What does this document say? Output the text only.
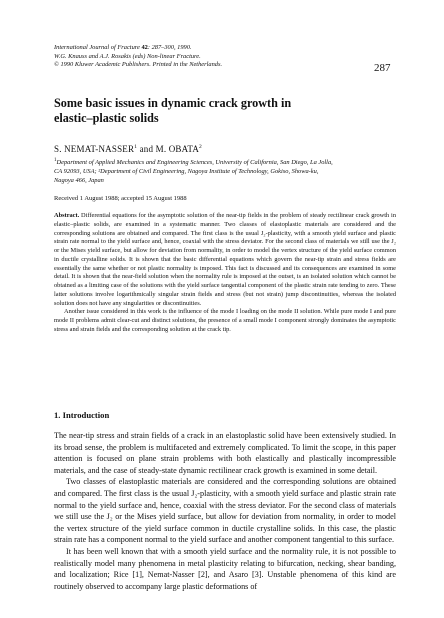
International Journal of Fracture 42: 287–300, 1990.
W.G. Knauss and A.J. Rosakis (eds) Non-linear Fracture.
© 1990 Kluwer Academic Publishers. Printed in the Netherlands.	287
Some basic issues in dynamic crack growth in
elastic–plastic solids
S. NEMAT-NASSER$^1$ and M. OBATA$^2$
$^1$Department of Applied Mechanics and Engineering Sciences, University of California, San Diego, La Jolla,
CA 92093, USA; ²Department of Civil Engineering, Nagoya Institute of Technology, Gokiso, Showa-ku,
Nagoya 466, Japan
Received 1 August 1988; accepted 15 August 1988

Abstract. Differential equations for the asymptotic solution of the near-tip fields in the problem of steady rectilinear crack growth in elastic–plastic solids, are examined in a systematic manner. Two classes of elastoplastic materials are considered and the corresponding solutions are obtained and compared. The first class is the usual J₂-plasticity, with a smooth yield surface and plastic strain rate normal to the yield surface and, hence, coaxial with the stress deviator. For the second class of materials we still use the J₂ or the Mises yield surface, but allow for deviation from normality, in order to model the vertex structure of the yield surface common in ductile crystalline solids. It is shown that the basic differential equations which govern the near-tip strain and stress fields are essentially the same whether or not plastic normality is imposed. This fact is discussed and its consequences are examined in some detail. It is shown that the near-field solution when the normality rule is imposed at the outset, is an isolated solution which cannot be obtained as a limiting case of the solutions with the yield surface tangential component of the plastic strain rate tending to zero. These latter solutions involve logarithmically singular strain fields and stress (but not strain) jump discontinuities, whereas the isolated solution does not have any singularities or discontinuities.

Another issue considered in this work is the influence of the mode I loading on the mode II solution. While pure mode I and pure mode II problems admit clear-cut and distinct solutions, the presence of a small mode I component strongly dominates the asymptotic stress and strain fields and the corresponding solution at the crack tip.

1. Introduction

The near-tip stress and strain fields of a crack in an elastoplastic solid have been extensively studied. In its broad sense, the problem is multifaceted and extremely complicated. To limit the scope, in this paper attention is focused on plane strain problems with both elastically and plastically incompressible materials, and the case of steady-state dynamic rectilinear crack growth is examined in some detail.

Two classes of elastoplastic materials are considered and the corresponding solutions are obtained and compared. The first class is the usual J₂-plasticity, with a smooth yield surface and plastic strain rate normal to the yield surface and, hence, coaxial with the stress deviator. For the second class of materials we still use the J₂ or the Mises yield surface, but allow for deviation from normality, in order to model the vertex structure of the yield surface common in ductile crystalline solids. In this case, the plastic strain rate has a component normal to the yield surface and another component tangential to this surface.

It has been well known that with a smooth yield surface and the normality rule, it is not possible to realistically model many phenomena in metal plasticity relating to bifurcation, necking, shear banding, and localization; Rice [1], Nemat-Nasser [2], and Asaro [3]. Unstable phenomena of this kind are routinely observed to accompany large plastic deformations of
